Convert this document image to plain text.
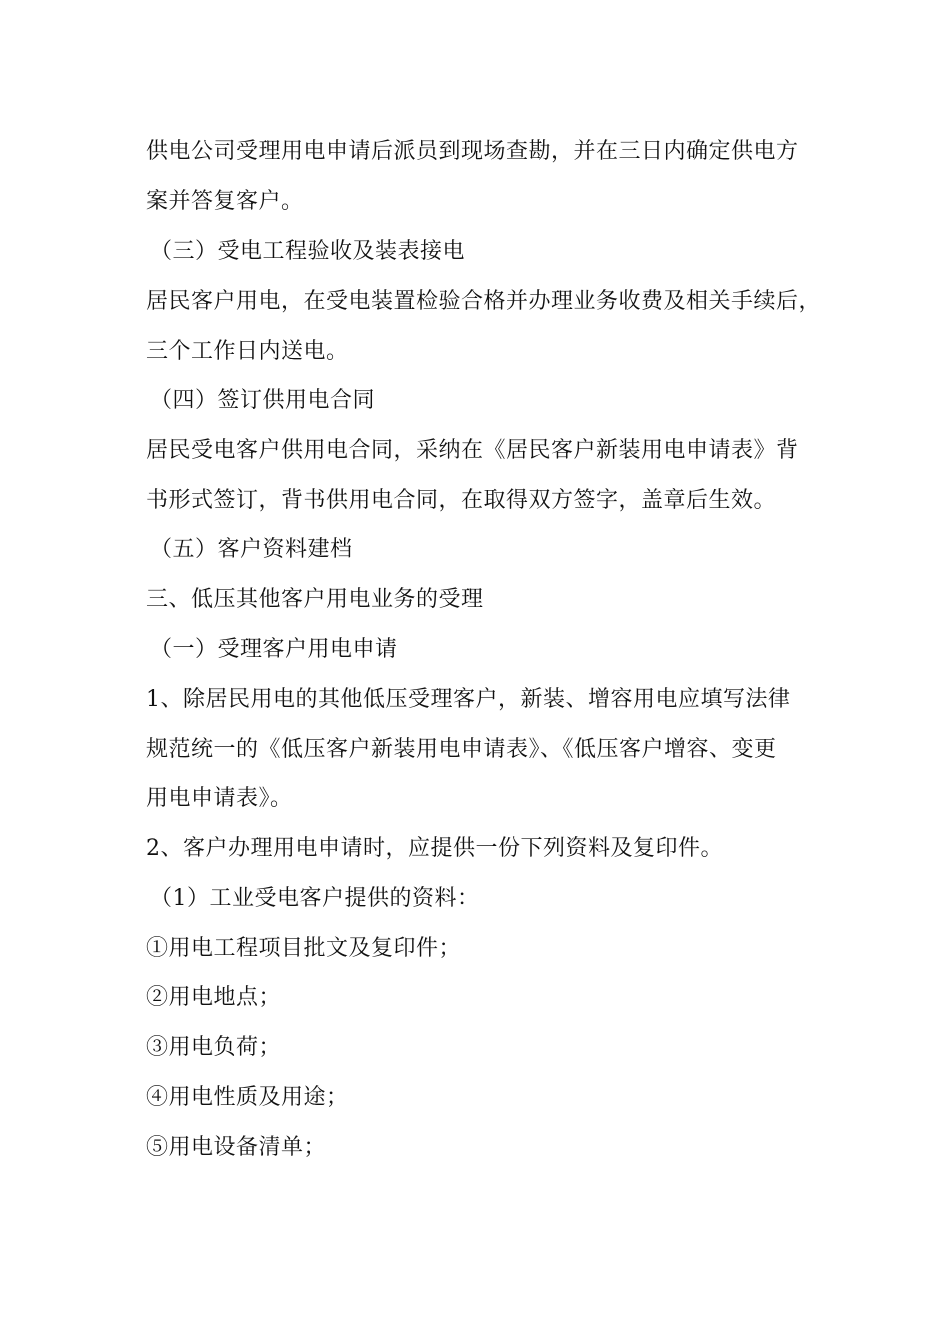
供电公司受理用电申请后派员到现场查勘，并在三日内确定供电方
案并答复客户。
（三）受电工程验收及装表接电
居民客户用电，在受电装置检验合格并办理业务收费及相关手续后，
三个工作日内送电。
（四）签订供用电合同
居民受电客户供用电合同，采纳在《居民客户新装用电申请表》背
书形式签订，背书供用电合同，在取得双方签字，盖章后生效。
（五）客户资料建档
三、低压其他客户用电业务的受理
（一）受理客户用电申请
1、除居民用电的其他低压受理客户，新装、增容用电应填写法律
规范统一的《低压客户新装用电申请表》、《低压客户增容、变更
用电申请表》。
2、客户办理用电申请时，应提供一份下列资料及复印件。
（1）工业受电客户提供的资料：
①用电工程项目批文及复印件；
②用电地点；
③用电负荷；
④用电性质及用途；
⑤用电设备清单；
